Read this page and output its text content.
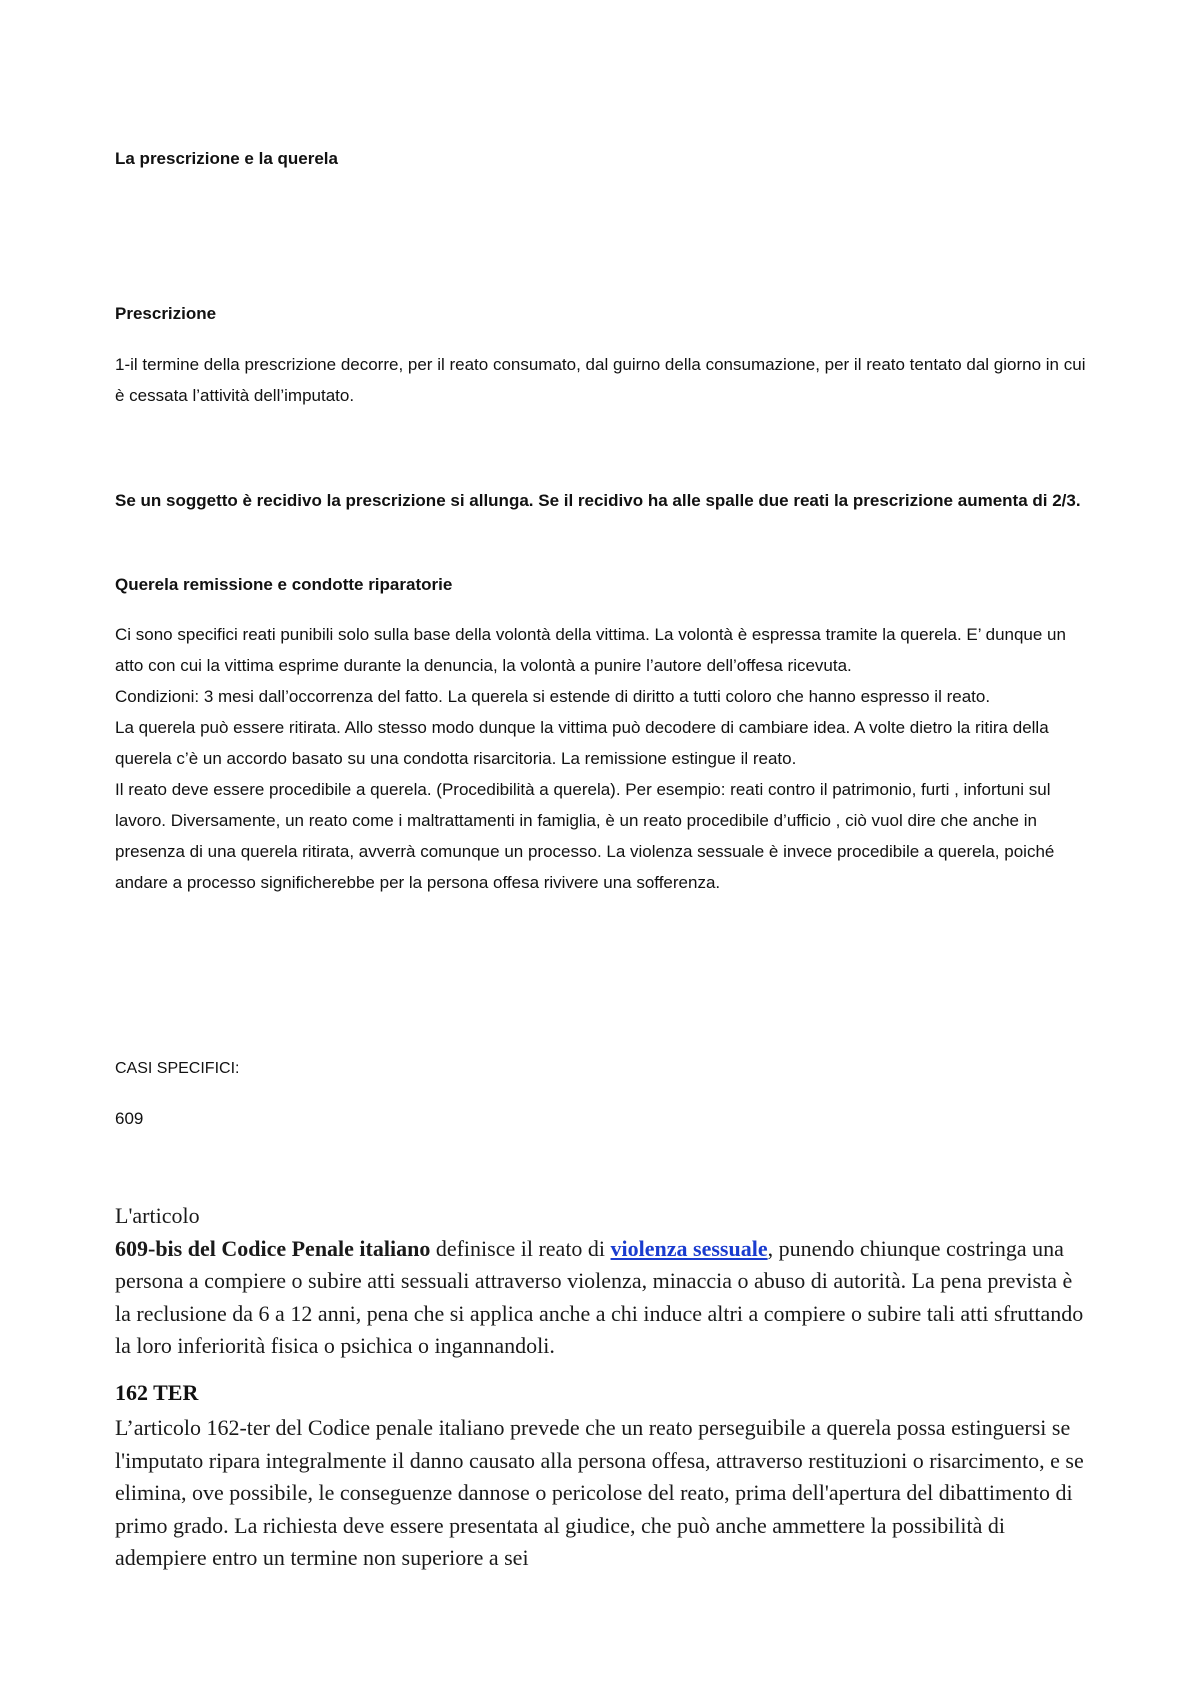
La prescrizione e la querela
Prescrizione

1-il termine della prescrizione decorre, per il reato consumato, dal guirno della consumazione, per il reato tentato dal giorno in cui è cessata l’attività dell’imputato.

Se un soggetto è recidivo la prescrizione si allunga. Se il recidivo ha alle spalle due reati la prescrizione aumenta di 2/3.

Querela remissione e condotte riparatorie

Ci sono specifici reati punibili solo sulla base della volontà della vittima. La volontà è espressa tramite la querela. E’ dunque un atto con cui la vittima esprime durante la denuncia, la volontà a punire l’autore dell’offesa ricevuta.

Condizioni: 3 mesi dall’occorrenza del fatto. La querela si estende di diritto a tutti coloro che hanno espresso il reato.

La querela può essere ritirata. Allo stesso modo dunque la vittima può decodere di cambiare idea. A volte dietro la ritira della querela c’è un accordo basato su una condotta risarcitoria. La remissione estingue il reato.

Il reato deve essere procedibile a querela. (Procedibilità a querela). Per esempio: reati contro il patrimonio, furti , infortuni sul lavoro. Diversamente, un reato come i maltrattamenti in famiglia, è un reato procedibile d’ufficio , ciò vuol dire che anche in presenza di una querela ritirata, avverrà comunque un processo. La violenza sessuale è invece procedibile a querela, poiché andare a processo significherebbe per la persona offesa rivivere una sofferenza.

CASI SPECIFICI:
609
L'articolo
609-bis del Codice Penale italiano definisce il reato di violenza sessuale, punendo chiunque costringa una persona a compiere o subire atti sessuali attraverso violenza, minaccia o abuso di autorità. La pena prevista è la reclusione da 6 a 12 anni, pena che si applica anche a chi induce altri a compiere o subire tali atti sfruttando la loro inferiorità fisica o psichica o ingannandoli.
162 TER

L’articolo 162-ter del Codice penale italiano prevede che un reato perseguibile a querela possa estinguersi se l'imputato ripara integralmente il danno causato alla persona offesa, attraverso restituzioni o risarcimento, e se elimina, ove possibile, le conseguenze dannose o pericolose del reato, prima dell'apertura del dibattimento di primo grado. La richiesta deve essere presentata al giudice, che può anche ammettere la possibilità di adempiere entro un termine non superiore a sei
